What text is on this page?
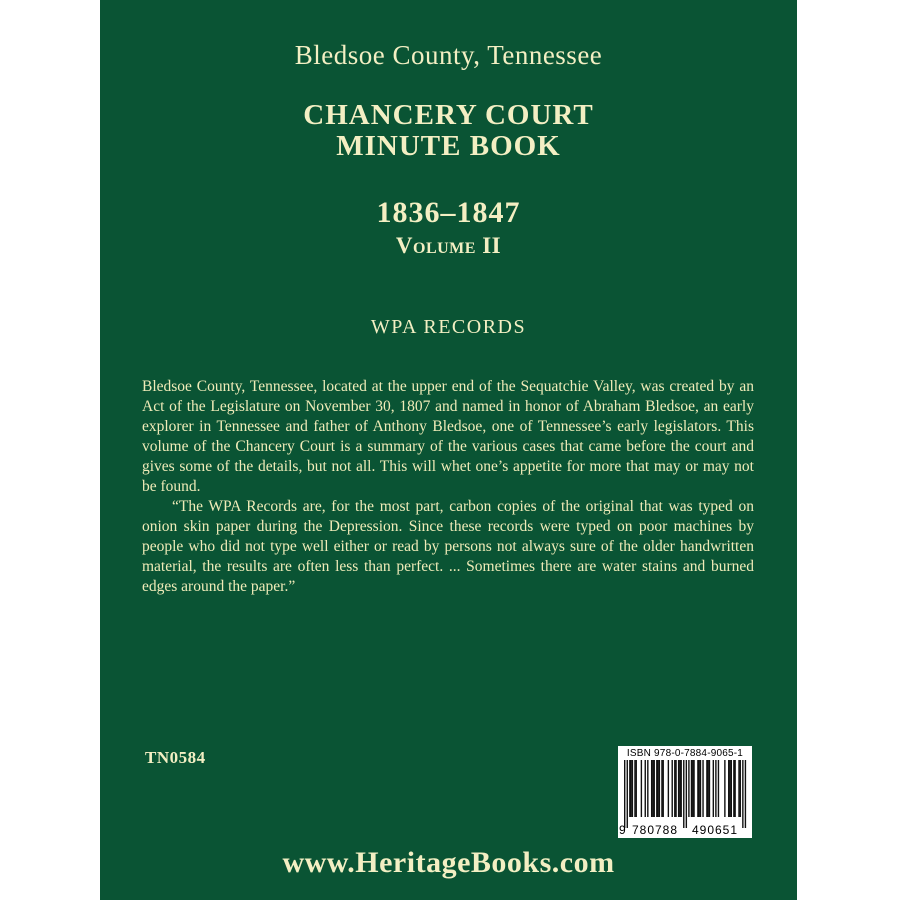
Bledsoe County, Tennessee
CHANCERY COURT
MINUTE BOOK
1836–1847
Volume II
WPA RECORDS

Bledsoe County, Tennessee, located at the upper end of the Sequatchie Valley, was created by an Act of the Legislature on November 30, 1807 and named in honor of Abraham Bledsoe, an early explorer in Tennessee and father of Anthony Bledsoe, one of Tennessee’s early legislators. This volume of the Chancery Court is a summary of the various cases that came before the court and gives some of the details, but not all. This will whet one’s appetite for more that may or may not be found.

“The WPA Records are, for the most part, carbon copies of the original that was typed on onion skin paper during the Depression. Since these records were typed on poor machines by people who did not type well either or read by persons not always sure of the older handwritten material, the results are often less than perfect. ... Sometimes there are water stains and burned edges around the paper.”

TN0584	ISBN 978-0-7884-9065-1
9 780788 490651
www.HeritageBooks.com
